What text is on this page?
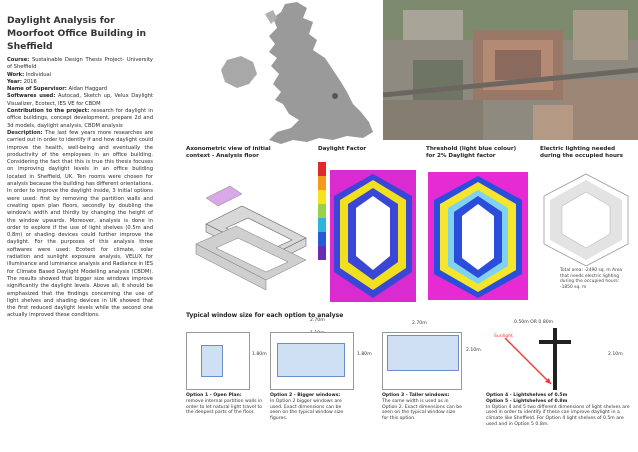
Daylight Analysis for Moorfoot Office Building in Sheffield

Course: Sustainable Design Thesis Project- University of Sheffield

Work: Individual

Year: 2016

Name of Supervisor: Aidan Haggard

Softwares used: Autocad, Sketch up, Velux Daylight Visualizer, Ecotect, IES VE for CBDM

Contribution to the project: research for daylight in office buildings, concept development, prepare 2d and 3d models, daylight analysis, CBDM analysis

Description: The last few years more researches are carried out in order to identify if and how daylight could improve the health, well-being and eventually the productivity of the employees in an office building. Considering the fact that this is true this thesis focuses on improving daylight levels in an office building located in Sheffield, UK. Ten rooms were chosen for analysis because the building has different orientations. In order to improve the daylight inside, 3 initial options were used: first by removing the partition walls and creating open plan floors, secondly by doubling the window's width and thirdly by changing the height of the window upwards. Moreover, analysis is done in order to explore if the use of light shelves (0.5m and 0.8m) or shading devices could further improve the daylight. For the purposes of this analysis three softwares were used: Ecotect for climate, solar radiation and sunlight exposure analysis, VELUX for illuminance and luminance analysis and Radiance in IES for Climate Based Daylight Modelling analysis (CBDM). The results showed that bigger size windows improve significantly the daylight levels. Above all, it should be emphasized that the findings concerning the use of light shelves and shading devices in UK showed that the first reduced daylight levels while the second one actually improved these conditions.

Axonometric view of initial context - Analysis floor
Daylight Factor	Threshold (light blue colour) for 2% Daylight factor
Electric lighting needed during the occupied hours
Total area: -2490 sq. m Area that needs electric lighting during the occupied hours: -1850 sq. m
Typical window size for each option to analyse
1.80m
Option 1 - Open Plan:
remove internal partition walls in order to let natural light travel to the deepest parts of the floor.
2.70m
1.80m
Option 2 - Bigger windows:
In Option 2 bigger windows are used. Exact dimensions can be seen on the typical window size figures.
2.70m
2.10m
Option 3 - Taller windows:
The same width is used as in Option 2. Exact dimensions can be seen on the typical window size for this option.
0.50m OR 0.80m
Sunlight
2.10m
Option 4 - Lightshelves of 0.5m
Option 5 - Lightshelves of 0.8m
In Option 4 and 5 two different dimensions of light shelves are used in order to identify if these can improve daylight in a climate like Sheffield. For Option 4 light shelves of 0.5m are used and in Option 5 0.8m.
